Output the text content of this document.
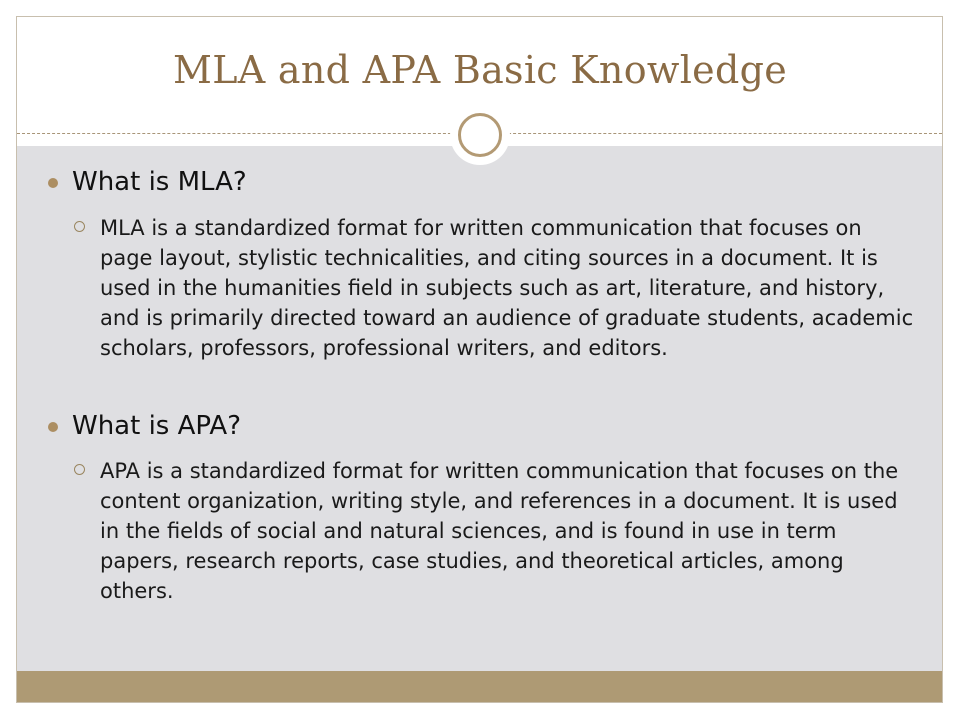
MLA and APA Basic Knowledge
What is MLA?
MLA is a standardized format for written communication that focuses on page layout, stylistic technicalities, and citing sources in a document. It is used in the humanities field in subjects such as art, literature, and history, and is primarily directed toward an audience of graduate students, academic scholars, professors, professional writers, and editors.
What is APA?
APA is a standardized format for written communication that focuses on the content organization, writing style, and references in a document. It is used in the fields of social and natural sciences, and is found in use in term papers, research reports, case studies, and theoretical articles, among others.
